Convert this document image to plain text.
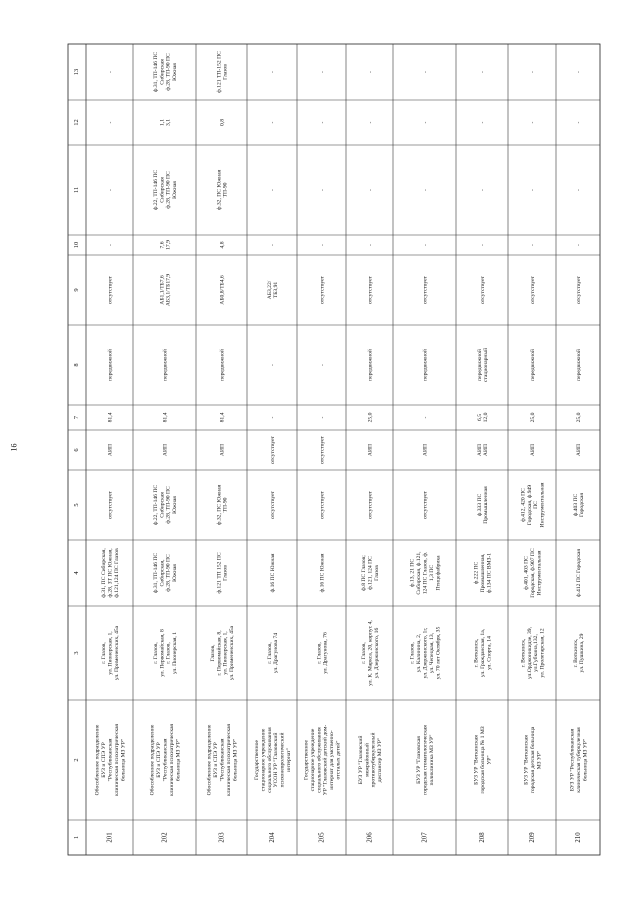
16
1
2
3
4
5
6
7
8
9
10
11
12
13
201
Обособленное подразделение БУЗ и СПЭ УР "Республиканская клиническая психиатрическая больница МЗ УР"
г. Глазов, ул. Пионерская, 1, ул. Примененских, 45а
ф.31, ПС Сибирская, ф.28, ЗТ ПС Южная, ф.121,124 ПС Глазов
отсутствует
АИП
81,4
передвижной
отсутствует
-
-
-
-
202
Обособленное подразделение БУЗ и СПЭ УР "Республиканская клиническая психиатрическая больница МЗ УР"
г. Глазов, ул. Первомайская, 8 г. Глазов, ул. Пионерская, 1
ф.31, ТП-146 ПС Сибирская, ф.28, ТП-90 ПС Южная
ф.22, ТП-146 ПС Сибирская ф.28, ТП-90 ПС Южная
АИП
81,4
передвижной
АБ1,1/ТБ7,6 АБ3,1/ТБ17,9
7,6 17,9
ф.22, ТП-146 ПС Сибирская ф.28, ТП-90 ПС Южная
1,1 3,1
ф.31, ТП-146 ПС Сибирская ф.28, ТП-90 ПС Южная
203
Обособленное подразделение БУЗ и СПЭ УР "Республиканская клиническая психиатрическая больница МЗ УР"
Глазов, г. Первомайская, 8, ул. Пионерская, 1, ул. Примененских, 45а
ф.121 ТП 152 ПС Глазов
ф.32, ПС Южная ТП-90
АИП
81,4
передвижной
АБ0,8/ТБ4,6
4,8
ф.32, ПС Южная ТП-90
0,8
ф.121 ТП-152 ПС Глазов
204
Государственное стационарное учреждение социального обслуживания УСОН УР "Глазовский психоневрологический интернат"
г. Глазов, ул. Драгунова 74
ф.16 ПС Южная
отсутствует
отсутствует
-
-
АБ3,22/ ТБ3,91
-
-
-
-
205
Государственное стационарное учреждение социального обслуживания УР "Глазовский детский дом- интернат для умственно- отсталых детей"
г. Глазов, ул. Драгунова, 76
ф.16 ПС Южная
отсутствует
отсутствует
-
-
отсутствует
-
-
-
-
206
БУЗ УР "Глазовский межрайонный противотуберкулезный диспансер МЗ УР"
г. Глазов, ул. К. Маркса, 20, корпус 4, ул. Дзержинского, 16
ф.8 ПС Глазов; ф.121, 124 ПС Глазов
отсутствует
АИП
25,0
передвижной
отсутствует
-
-
-
-
207
БУЗ УР "Глазовская городская стоматологическая поликлиника МЗ УР"
г. Глазов, ул. Калинина, 2, ул. Дзержинского, 1г, ул. Чепецкая, 13, ул. 70 лет Октября, 35
ф.13, 21 ПС Сибирская, ф.121, 124 ПС Глазов, ф. 1,3 ПС Птицефабрика
отсутствует
АИП
-
передвижной
отсутствует
-
-
-
-
208
БУЗ УР "Воткинская городская больница № 1 МЗ УР"
г. Воткинск, ул. Гражданская, 1а, ул. Спорта, 14
ф.222 ПС Промышленная, ф.134 ПС ВМЗ-1
ф.333 ПС Промышленная
АИП АИП
6,5 12,0
передвижной стационарный
отсутствует
-
-
-
-
209
БУЗ УР "Воткинская городская детская больница МЗ УР"
г. Воткинск, ул.Орджоникидзе, 39, ул.Губкина,132, ул. Пролетарская, 12
ф.401, 403 ПС Городская, ф.907 ПС Инструментальная
ф.412, 420 ПС Городская, ф.949 ПС Инструментальная
АИП
25,0
передвижной
отсутствует
-
-
-
-
210
БУЗ УР "Республиканская клиническая туберкулезная больница МЗ УР"
г. Воткинск, ул. Пушкина, 29
ф.412 ПС Городская
ф.403 ПС Городская
АИП
25,0
передвижной
отсутствует
-
-
-
-
